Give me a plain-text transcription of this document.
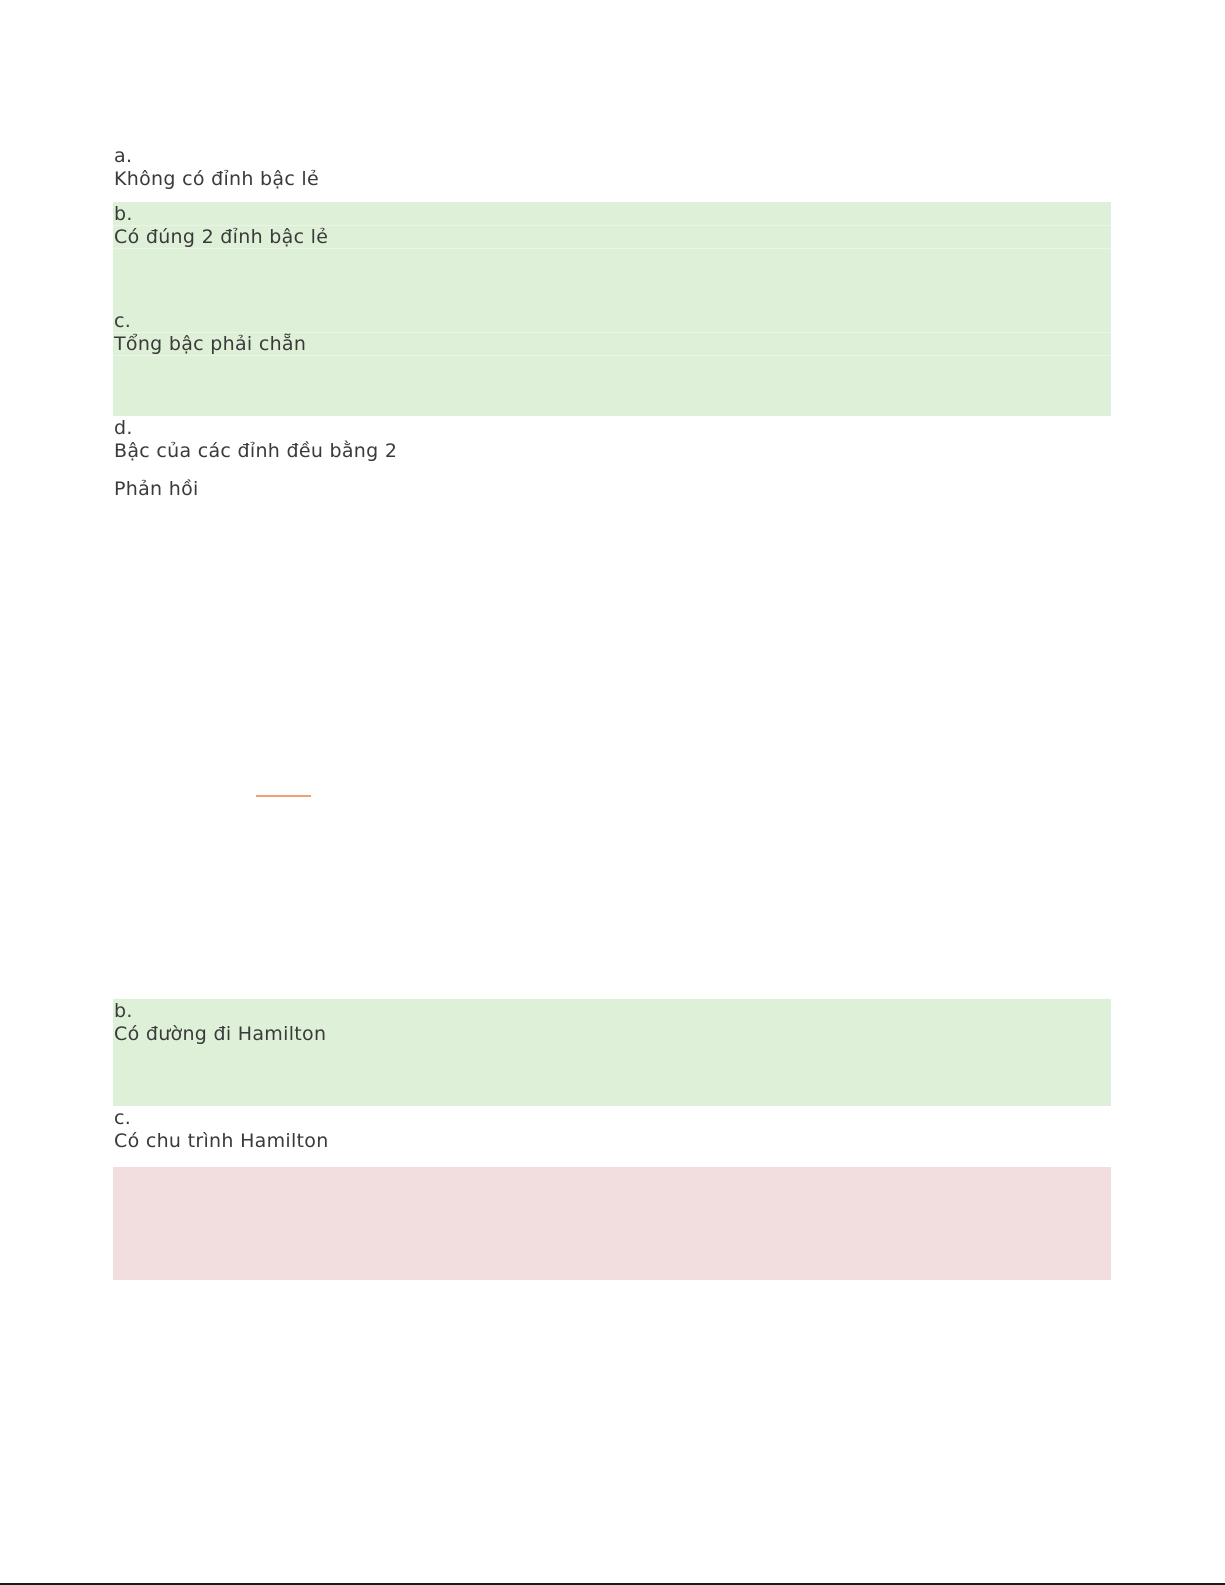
a.
Không có đỉnh bậc lẻ
b.
Có đúng 2 đỉnh bậc lẻ
c.
Tổng bậc phải chẵn
d.
Bậc của các đỉnh đều bằng 2
Phản hồi
b.
Có đường đi Hamilton
c.
Có chu trình Hamilton
